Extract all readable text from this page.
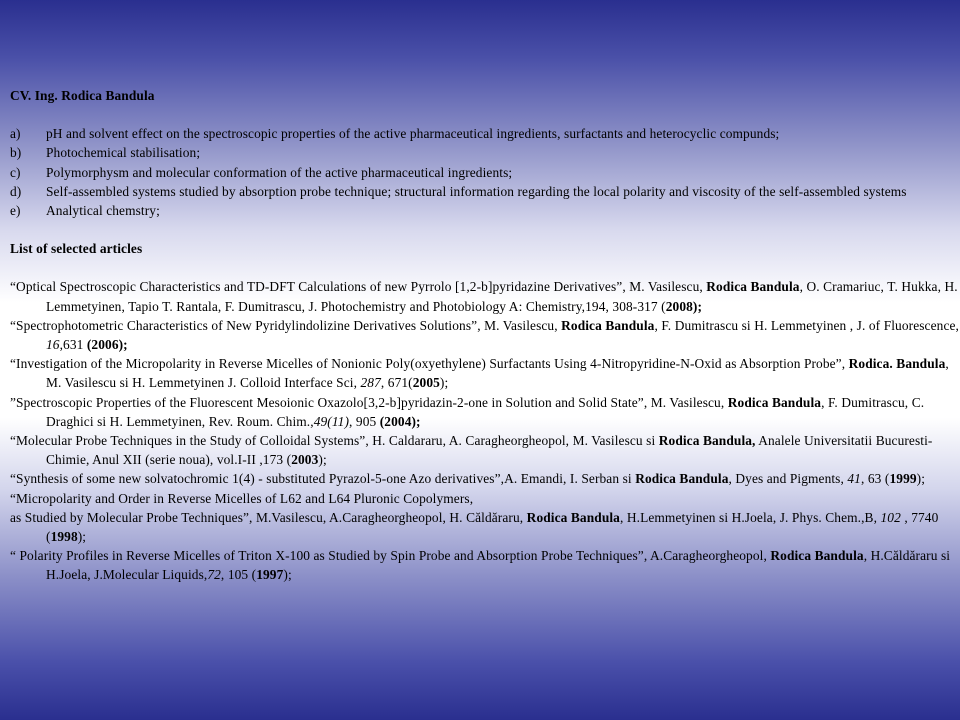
CV. Ing. Rodica Bandula
a)	pH and solvent effect on the spectroscopic properties of the active pharmaceutical ingredients, surfactants and heterocyclic compunds;
b)	Photochemical stabilisation;
c)	Polymorphysm and molecular conformation of the active pharmaceutical ingredients;
d)	Self-assembled systems studied by absorption probe technique; structural information regarding the local polarity and viscosity of the self-assembled systems
e)	Analytical chemstry;
List of selected articles
“Optical Spectroscopic Characteristics and TD-DFT Calculations of new Pyrrolo [1,2-b]pyridazine Derivatives”, M. Vasilescu, Rodica Bandula, O. Cramariuc, T. Hukka, H. Lemmetyinen, Tapio T. Rantala, F. Dumitrascu, J. Photochemistry and Photobiology A: Chemistry,194, 308-317 (2008);
“Spectrophotometric Characteristics of New Pyridylindolizine Derivatives Solutions”, M. Vasilescu, Rodica Bandula, F. Dumitrascu si H. Lemmetyinen , J. of Fluorescence, 16,631 (2006);
“Investigation of the Micropolarity in Reverse Micelles of Nonionic Poly(oxyethylene) Surfactants Using 4-Nitropyridine-N-Oxid as Absorption Probe”, Rodica. Bandula, M. Vasilescu si H. Lemmetyinen J. Colloid Interface Sci, 287, 671(2005);
”Spectroscopic Properties of the Fluorescent Mesoionic Oxazolo[3,2-b]pyridazin-2-one in Solution and Solid State”, M. Vasilescu, Rodica Bandula, F. Dumitrascu, C. Draghici si H. Lemmetyinen, Rev. Roum. Chim.,49(11), 905 (2004);
“Molecular Probe Techniques in the Study of Colloidal Systems”, H. Caldararu, A. Caragheorgheopol, M. Vasilescu si Rodica Bandula, Analele Universitatii Bucuresti-Chimie, Anul XII (serie noua), vol.I-II ,173 (2003);
“Synthesis of some new solvatochromic 1(4) - substituted Pyrazol-5-one Azo derivatives”,A. Emandi, I. Serban si Rodica Bandula, Dyes and Pigments, 41, 63 (1999);
“Micropolarity and Order in Reverse Micelles of L62 and L64 Pluronic Copolymers,
as Studied by Molecular Probe Techniques”, M.Vasilescu, A.Caragheorgheopol, H. Căldăraru, Rodica Bandula, H.Lemmetyinen si H.Joela, J. Phys. Chem.,B, 102 , 7740 (1998);
“ Polarity Profiles in Reverse Micelles of Triton X-100 as Studied by Spin Probe and Absorption Probe Techniques”, A.Caragheorgheopol, Rodica Bandula, H.Căldăraru si H.Joela, J.Molecular Liquids,72, 105 (1997);
